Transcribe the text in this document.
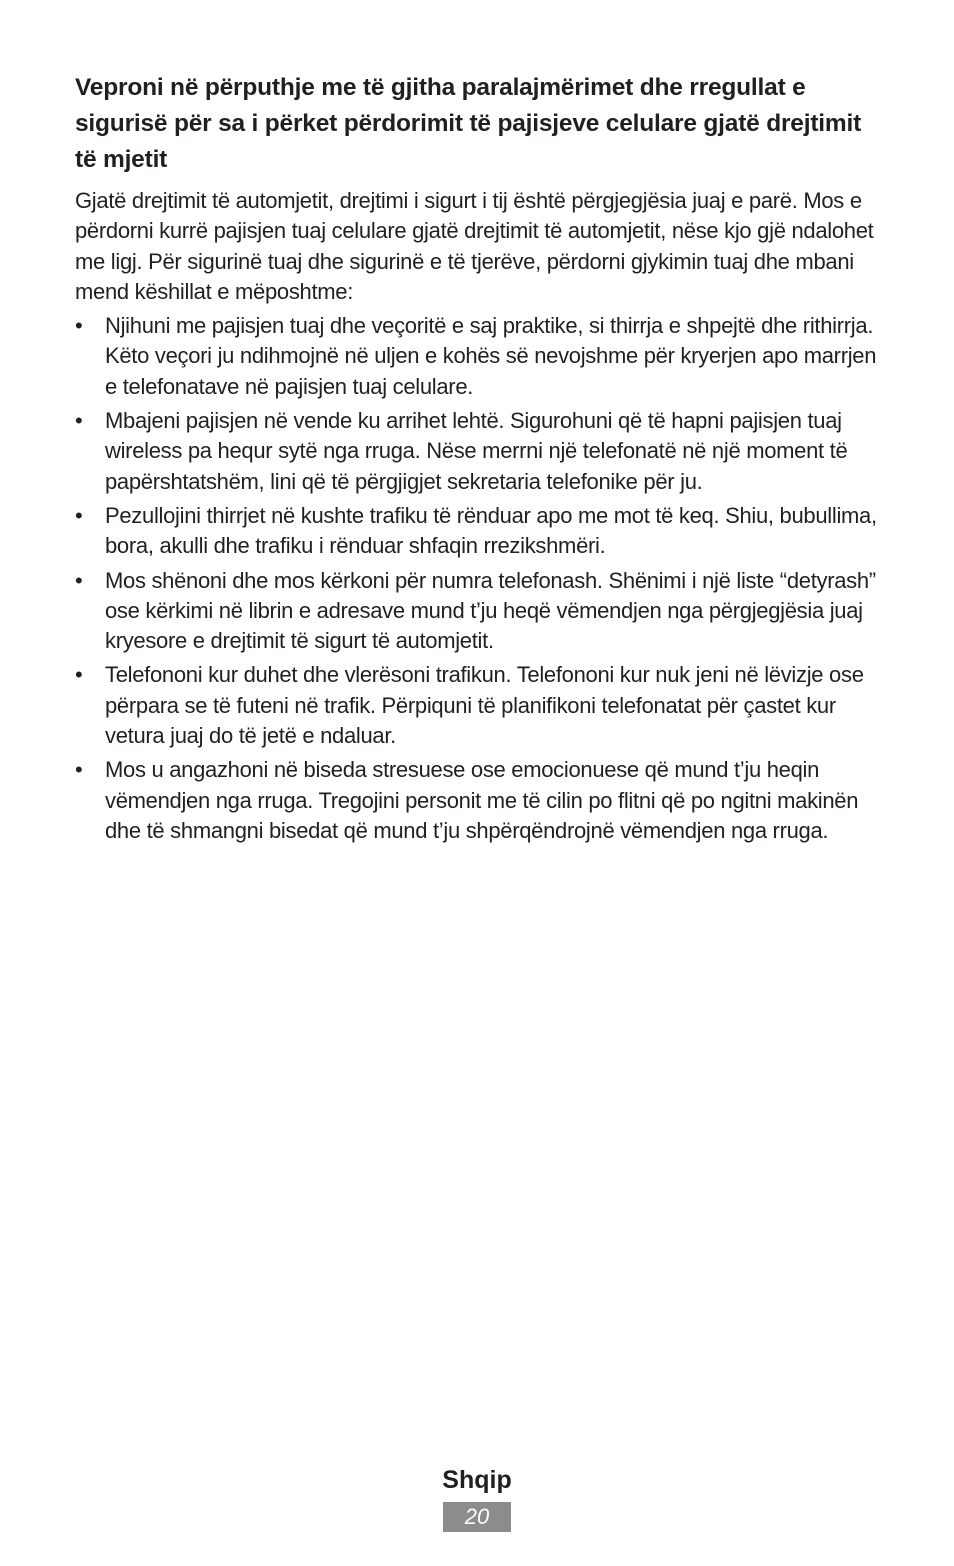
Veproni në përputhje me të gjitha paralajmërimet dhe rregullat e sigurisë për sa i përket përdorimit të pajisjeve celulare gjatë drejtimit të mjetit

Gjatë drejtimit të automjetit, drejtimi i sigurt i tij është përgjegjësia juaj e parë. Mos e përdorni kurrë pajisjen tuaj celulare gjatë drejtimit të automjetit, nëse kjo gjë ndalohet me ligj. Për sigurinë tuaj dhe sigurinë e të tjerëve, përdorni gjykimin tuaj dhe mbani mend këshillat e mëposhtme:

• Njihuni me pajisjen tuaj dhe veçoritë e saj praktike, si thirrja e shpejtë dhe rithirrja. Këto veçori ju ndihmojnë në uljen e kohës së nevojshme për kryerjen apo marrjen e telefonatave në pajisjen tuaj celulare.
• Mbajeni pajisjen në vende ku arrihet lehtë. Sigurohuni që të hapni pajisjen tuaj wireless pa hequr sytë nga rruga. Nëse merrni një telefonatë në një moment të papërshtatshëm, lini që të përgjigjet sekretaria telefonike për ju.
• Pezullojini thirrjet në kushte trafiku të rënduar apo me mot të keq. Shiu, bubullima, bora, akulli dhe trafiku i rënduar shfaqin rrezikshmëri.
• Mos shënoni dhe mos kërkoni për numra telefonash. Shënimi i një liste “detyrash” ose kërkimi në librin e adresave mund t’ju heqë vëmendjen nga përgjegjësia juaj kryesore e drejtimit të sigurt të automjetit.
• Telefononi kur duhet dhe vlerësoni trafikun. Telefononi kur nuk jeni në lëvizje ose përpara se të futeni në trafik. Përpiquni të planifikoni telefonatat për çastet kur vetura juaj do të jetë e ndaluar.
• Mos u angazhoni në biseda stresuese ose emocionuese që mund t’ju heqin vëmendjen nga rruga. Tregojini personit me të cilin po flitni që po ngitni makinën dhe të shmangni bisedat që mund t’ju shpërqëndrojnë vëmendjen nga rruga.
Shqip
20
